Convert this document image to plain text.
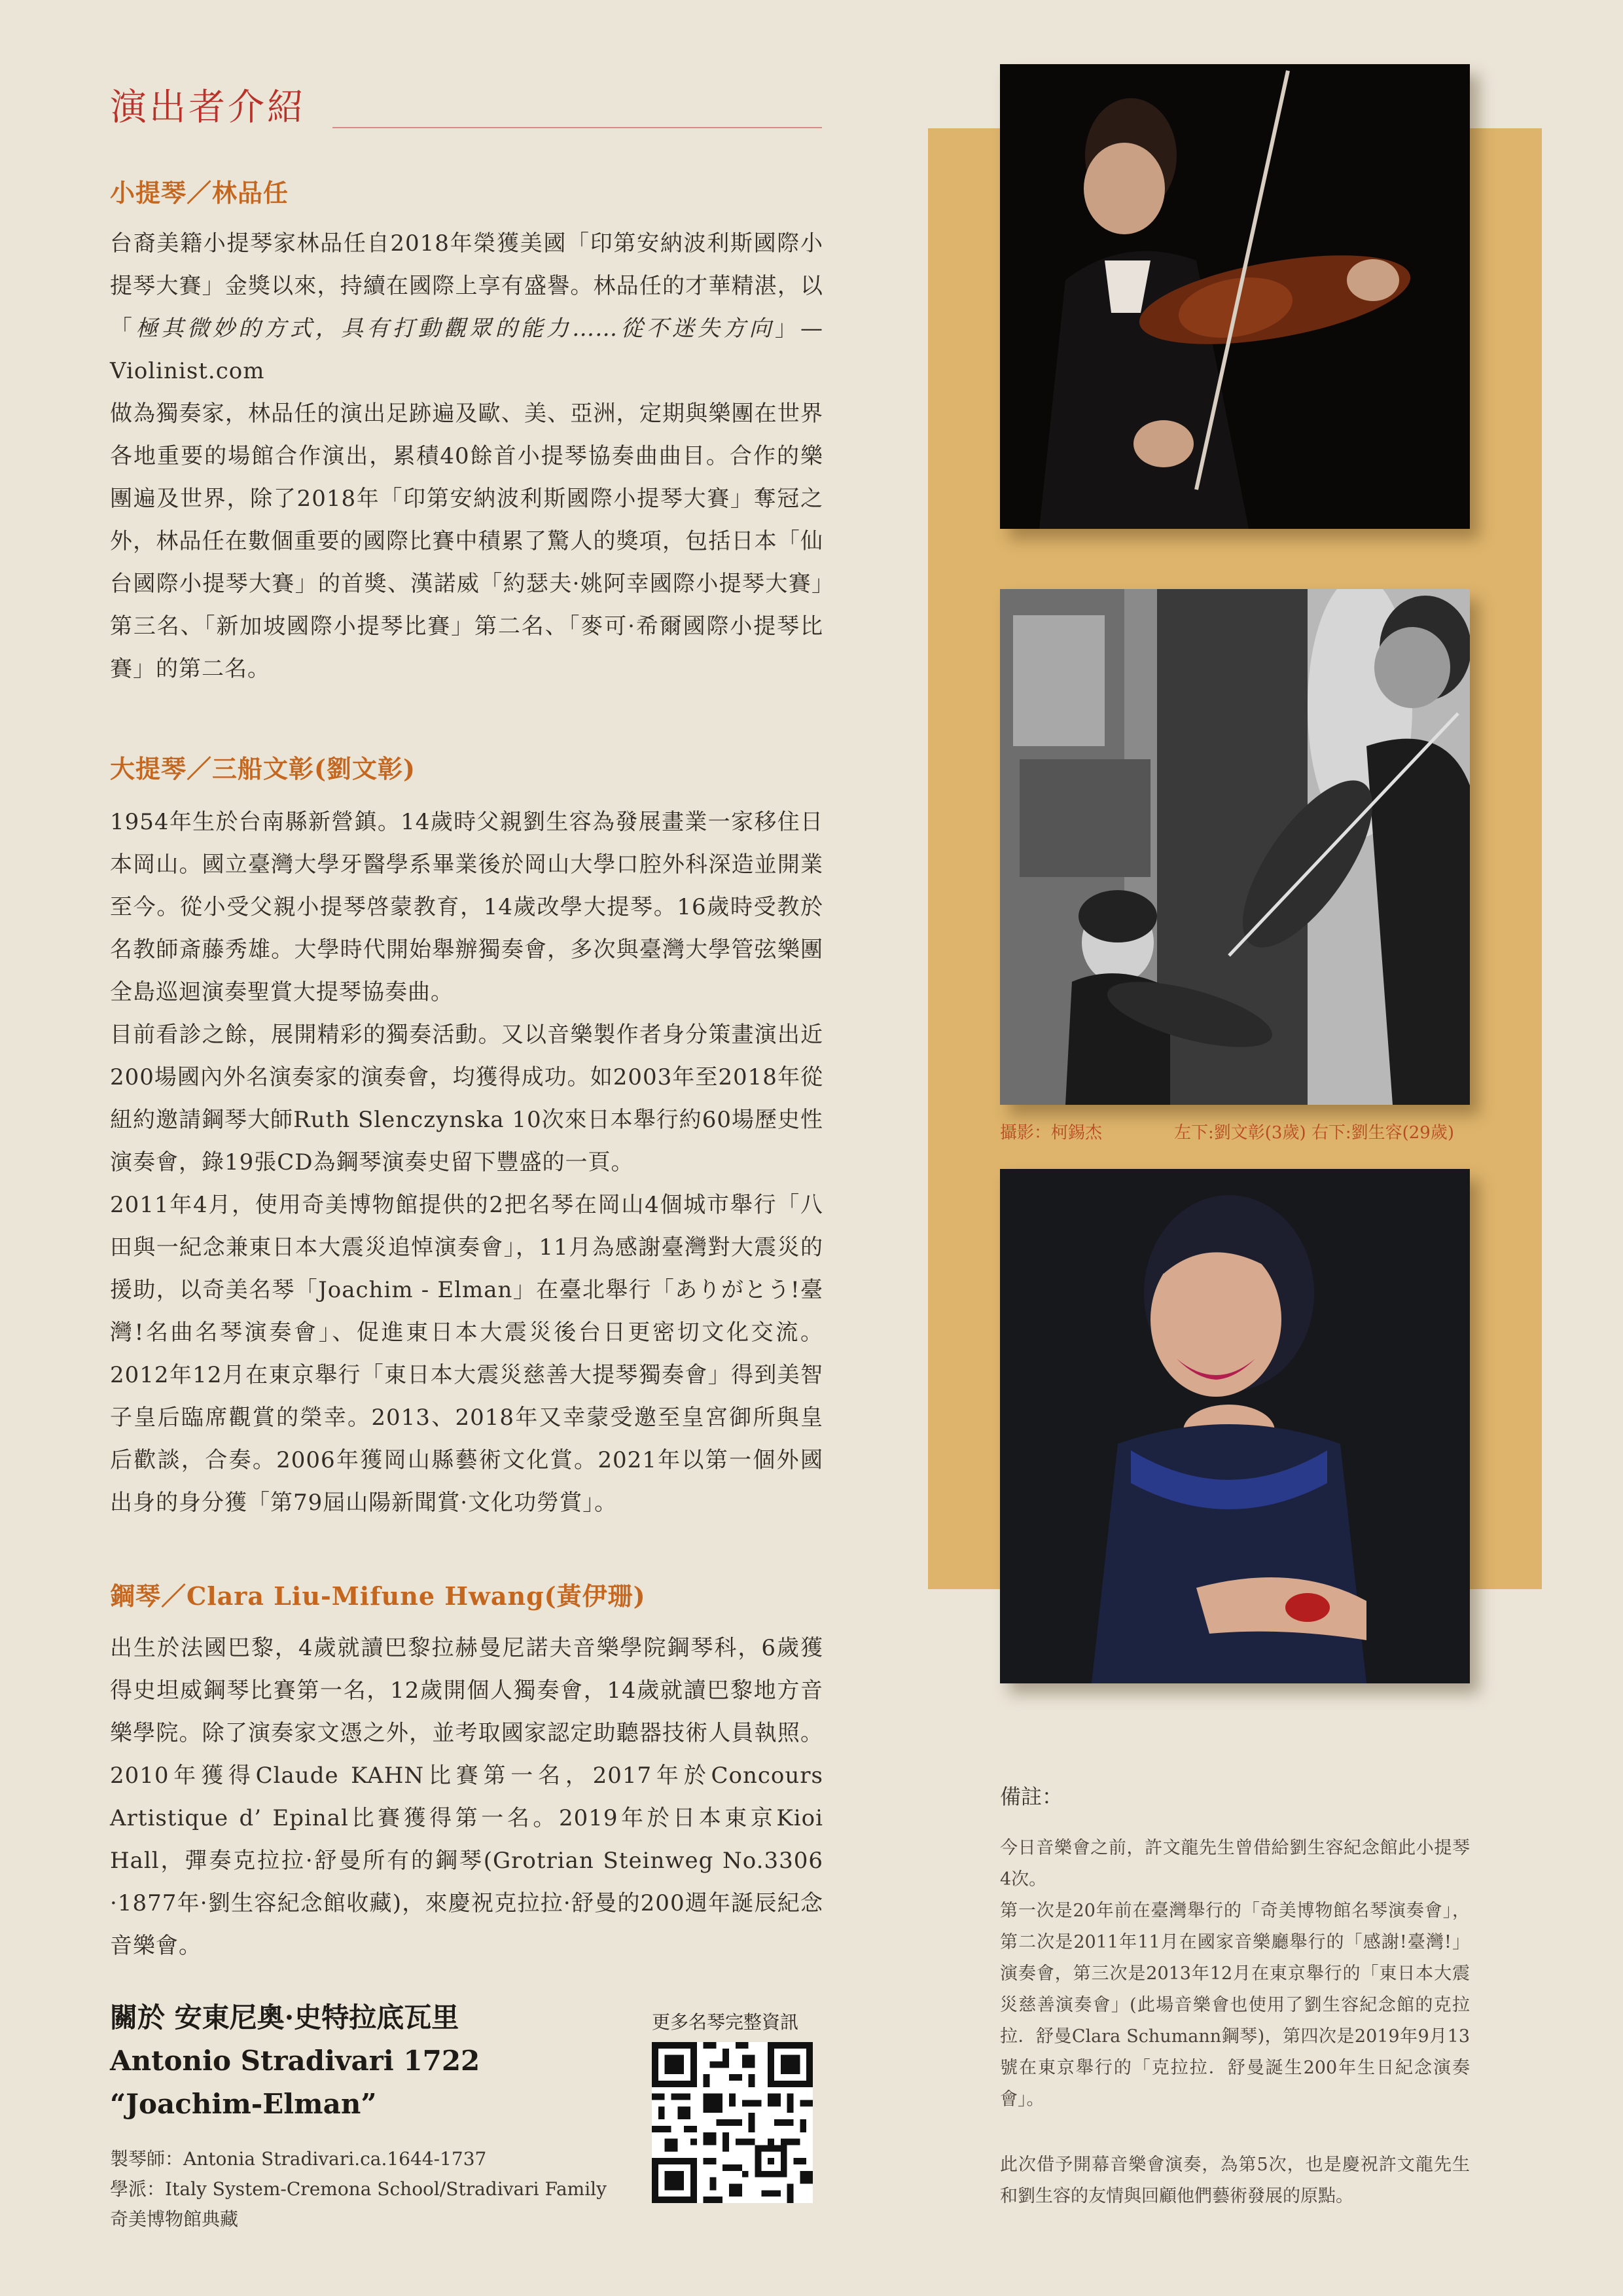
演出者介紹
小提琴／林品任

台裔美籍小提琴家林品任自2018年榮獲美國「印第安納波利斯國際小提琴大賽」金獎以來，持續在國際上享有盛譽。林品任的才華精湛，以「極其微妙的方式，具有打動觀眾的能力……從不迷失方向」—Violinist.com

做為獨奏家，林品任的演出足跡遍及歐、美、亞洲，定期與樂團在世界各地重要的場館合作演出，累積40餘首小提琴協奏曲曲目。合作的樂團遍及世界，除了2018年「印第安納波利斯國際小提琴大賽」奪冠之外，林品任在數個重要的國際比賽中積累了驚人的獎項，包括日本「仙台國際小提琴大賽」的首獎、漢諾威「約瑟夫·姚阿幸國際小提琴大賽」第三名、「新加坡國際小提琴比賽」第二名、「麥可·希爾國際小提琴比賽」的第二名。

大提琴／三船文彰(劉文彰)

1954年生於台南縣新營鎮。14歲時父親劉生容為發展畫業一家移住日本岡山。國立臺灣大學牙醫學系畢業後於岡山大學口腔外科深造並開業至今。從小受父親小提琴啓蒙教育，14歲改學大提琴。16歲時受教於名教師斎藤秀雄。大學時代開始舉辦獨奏會，多次與臺灣大學管弦樂團全島巡迴演奏聖賞大提琴協奏曲。

目前看診之餘，展開精彩的獨奏活動。又以音樂製作者身分策畫演出近200場國內外名演奏家的演奏會，均獲得成功。如2003年至2018年從紐約邀請鋼琴大師Ruth Slenczynska 10次來日本舉行約60場歷史性演奏會，錄19張CD為鋼琴演奏史留下豐盛的一頁。

2011年4月，使用奇美博物館提供的2把名琴在岡山4個城市舉行「八田與一紀念兼東日本大震災追悼演奏會」，11月為感謝臺灣對大震災的援助，以奇美名琴「Joachim - Elman」在臺北舉行「ありがとう!臺灣!名曲名琴演奏會」、促進東日本大震災後台日更密切文化交流。2012年12月在東京舉行「東日本大震災慈善大提琴獨奏會」得到美智子皇后臨席觀賞的榮幸。2013、2018年又幸蒙受邀至皇宮御所與皇后歡談，合奏。2006年獲岡山縣藝術文化賞。2021年以第一個外國出身的身分獲「第79屆山陽新聞賞·文化功勞賞」。

鋼琴／Clara Liu-Mifune Hwang(黃伊珊)

出生於法國巴黎，4歲就讀巴黎拉赫曼尼諾夫音樂學院鋼琴科，6歲獲得史坦威鋼琴比賽第一名，12歲開個人獨奏會，14歲就讀巴黎地方音樂學院。除了演奏家文憑之外，並考取國家認定助聽器技術人員執照。2010年獲得Claude KAHN比賽第一名，2017年於Concours Artistique d’ Epinal比賽獲得第一名。2019年於日本東京Kioi Hall，彈奏克拉拉·舒曼所有的鋼琴(Grotrian Steinweg No.3306 ·1877年·劉生容紀念館收藏)，來慶祝克拉拉·舒曼的200週年誕辰紀念音樂會。

關於 安東尼奧·史特拉底瓦里
Antonio Stradivari 1722
“Joachim-Elman”
製琴師：Antonia Stradivari.ca.1644-1737
學派：Italy System-Cremona School/Stradivari Family
奇美博物館典藏
更多名琴完整資訊
攝影：柯錫杰	左下:劉文彰(3歲) 右下:劉生容(29歲)
備註：

今日音樂會之前，許文龍先生曾借給劉生容紀念館此小提琴4次。

第一次是20年前在臺灣舉行的「奇美博物館名琴演奏會」，第二次是2011年11月在國家音樂廳舉行的「感謝!臺灣!」演奏會，第三次是2013年12月在東京舉行的「東日本大震災慈善演奏會」(此場音樂會也使用了劉生容紀念館的克拉拉．舒曼Clara Schumann鋼琴)，第四次是2019年9月13號在東京舉行的「克拉拉．舒曼誕生200年生日紀念演奏會」。

此次借予開幕音樂會演奏，為第5次，也是慶祝許文龍先生和劉生容的友情與回顧他們藝術發展的原點。
